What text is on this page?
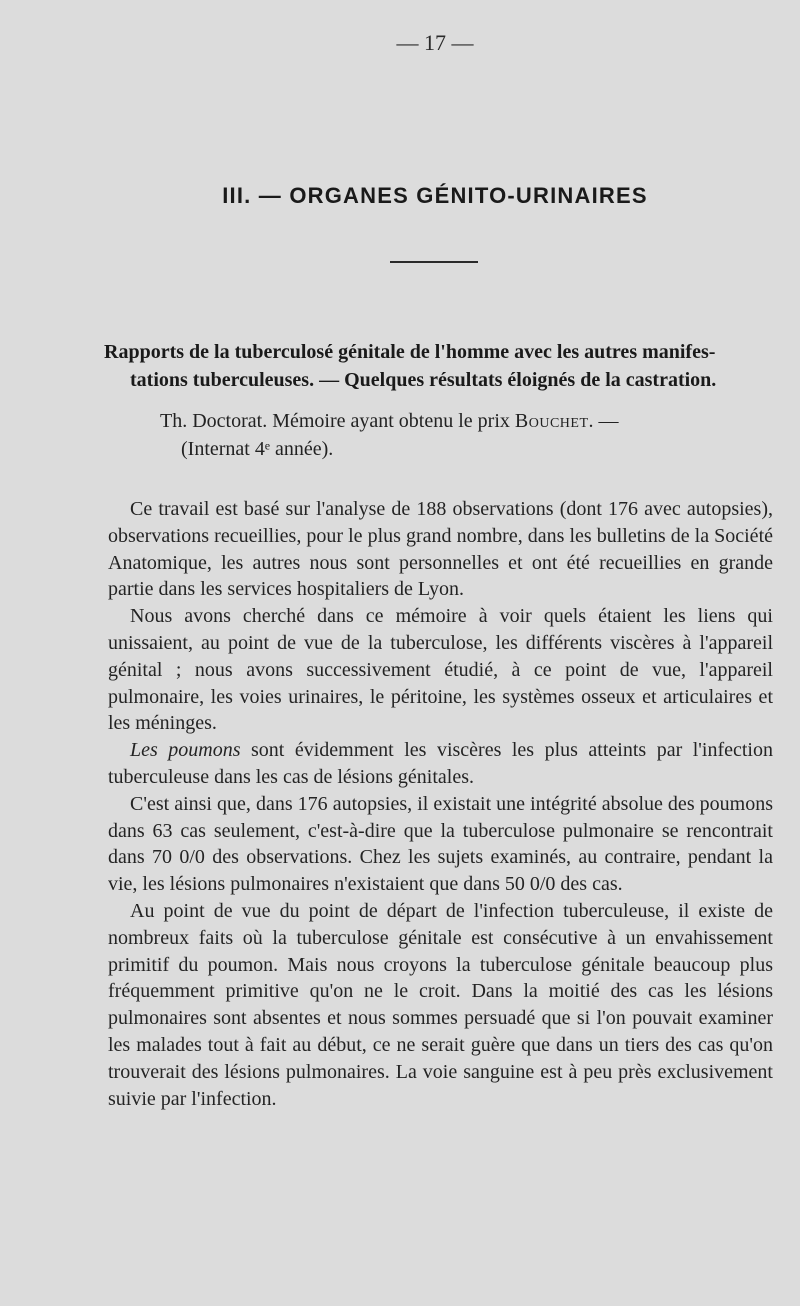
— 17 —
III. — ORGANES GÉNITO-URINAIRES
Rapports de la tuberculosé génitale de l'homme avec les autres manifes-
tations tuberculeuses. — Quelques résultats éloignés de la castration.
Th. Doctorat. Mémoire ayant obtenu le prix Bouchet. —
(Internat 4ᵉ année).

Ce travail est basé sur l'analyse de 188 observations (dont 176 avec autopsies), observations recueillies, pour le plus grand nombre, dans les bulletins de la Société Anatomique, les autres nous sont personnelles et ont été recueillies en grande partie dans les services hospitaliers de Lyon.

Nous avons cherché dans ce mémoire à voir quels étaient les liens qui unissaient, au point de vue de la tuberculose, les différents viscères à l'appareil génital ; nous avons successivement étudié, à ce point de vue, l'appareil pulmonaire, les voies urinaires, le péritoine, les systèmes osseux et articulaires et les méninges.

Les poumons sont évidemment les viscères les plus atteints par l'infection tuberculeuse dans les cas de lésions génitales.

C'est ainsi que, dans 176 autopsies, il existait une intégrité absolue des poumons dans 63 cas seulement, c'est-à-dire que la tuberculose pulmonaire se rencontrait dans 70 0/0 des observations. Chez les sujets examinés, au contraire, pendant la vie, les lésions pulmonaires n'existaient que dans 50 0/0 des cas.

Au point de vue du point de départ de l'infection tuberculeuse, il existe de nombreux faits où la tuberculose génitale est consécutive à un envahissement primitif du poumon. Mais nous croyons la tuberculose génitale beaucoup plus fréquemment primitive qu'on ne le croit. Dans la moitié des cas les lésions pulmonaires sont absentes et nous sommes persuadé que si l'on pouvait examiner les malades tout à fait au début, ce ne serait guère que dans un tiers des cas qu'on trouverait des lésions pulmonaires. La voie sanguine est à peu près exclusivement suivie par l'infection.
